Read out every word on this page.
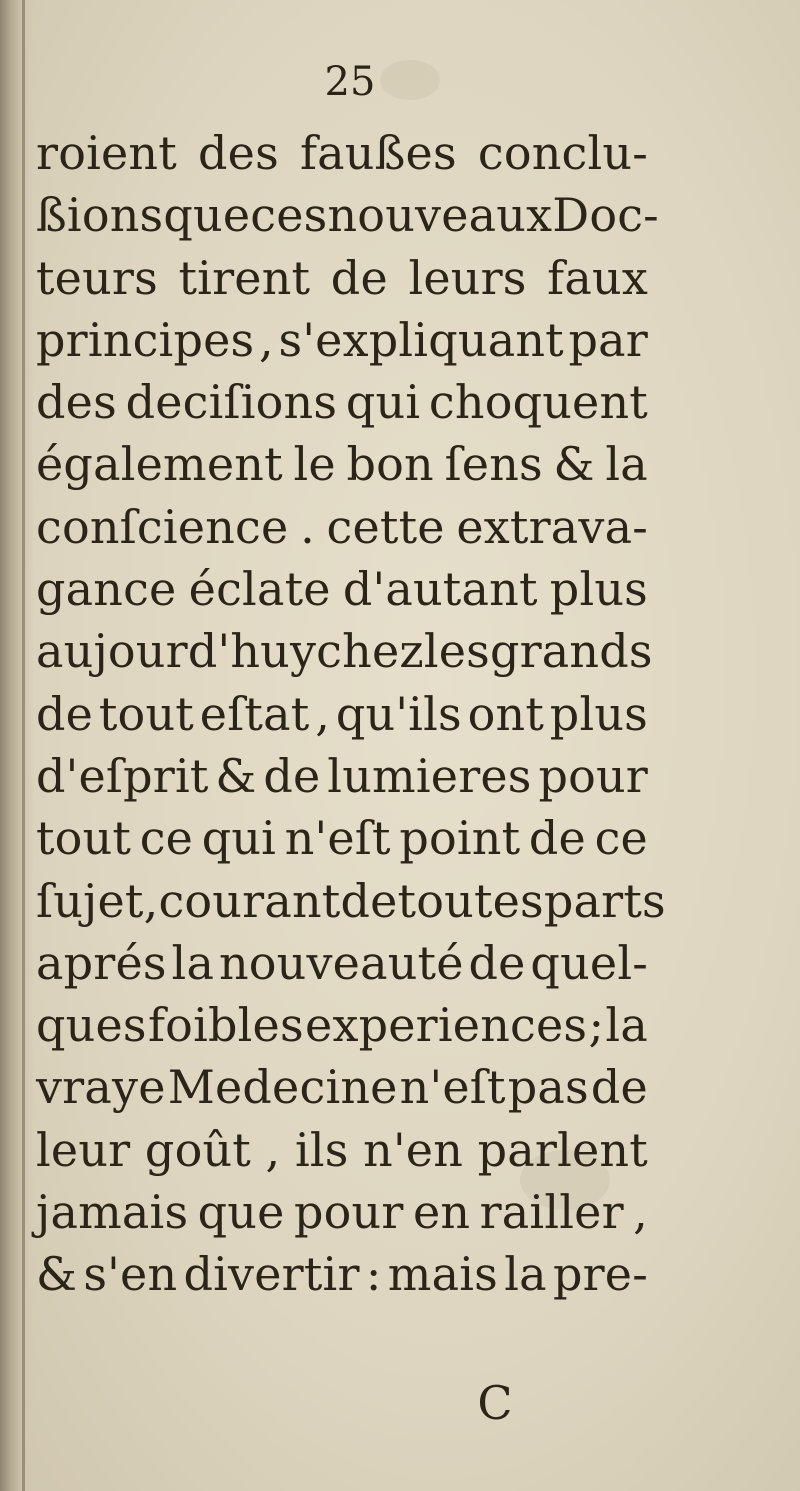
25
roient des faußes conclu-
ßions que ces nouveaux Doc-
teurs tirent de leurs faux
principes , s'expliquant par
des deciſions qui choquent
également le bon ſens & la
conſcience . cette extrava-
gance éclate d'autant plus
aujourd'huy chez les grands
de tout eſtat , qu'ils ont plus
d'eſprit & de lumieres pour
tout ce qui n'eſt point de ce
ſujet, courant de toutes parts
aprés la nouveauté de quel-
ques foibles experiences ; la
vraye Medecine n'eſt pas de
leur goût , ils n'en parlent
jamais que pour en railler ,
& s'en divertir : mais la pre-
C
